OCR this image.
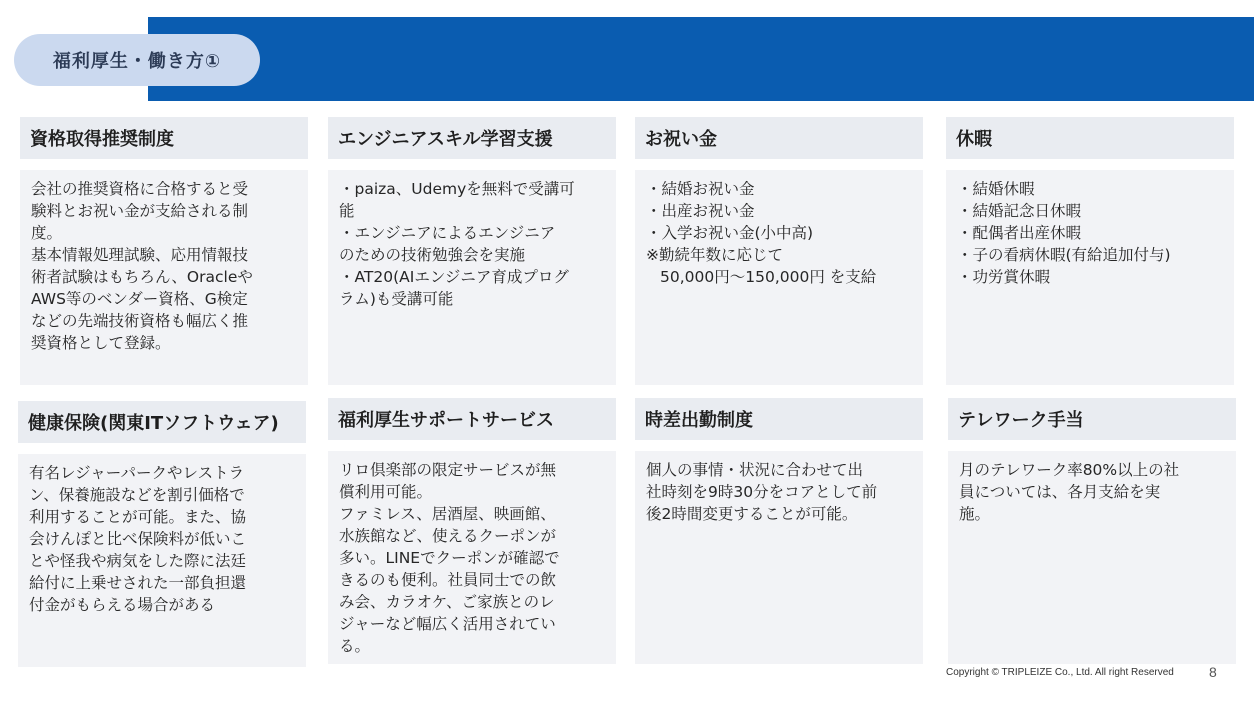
福利厚生・働き方①
資格取得推奨制度
会社の推奨資格に合格すると受
験料とお祝い金が支給される制
度。
基本情報処理試験、応用情報技
術者試験はもちろん、Oracleや
AWS等のベンダー資格、G検定
などの先端技術資格も幅広く推
奨資格として登録。
エンジニアスキル学習支援
・paiza、Udemyを無料で受講可
能
・エンジニアによるエンジニア
のための技術勉強会を実施
・AT20(AIエンジニア育成プログ
ラム)も受講可能
お祝い金
・結婚お祝い金
・出産お祝い金
・入学お祝い金(小中高)
※勤続年数に応じて
50,000円～150,000円 を支給
休暇
・結婚休暇
・結婚記念日休暇
・配偶者出産休暇
・子の看病休暇(有給追加付与)
・功労賞休暇
健康保険(関東ITソフトウェア)
有名レジャーパークやレストラ
ン、保養施設などを割引価格で
利用することが可能。また、協
会けんぽと比べ保険料が低いこ
とや怪我や病気をした際に法廷
給付に上乗せされた一部負担還
付金がもらえる場合がある
福利厚生サポートサービス
リロ倶楽部の限定サービスが無
償利用可能。
ファミレス、居酒屋、映画館、
水族館など、使えるクーポンが
多い。LINEでクーポンが確認で
きるのも便利。社員同士での飲
み会、カラオケ、ご家族とのレ
ジャーなど幅広く活用されてい
る。
時差出勤制度
個人の事情・状況に合わせて出
社時刻を9時30分をコアとして前
後2時間変更することが可能。
テレワーク手当
月のテレワーク率80%以上の社
員については、各月支給を実
施。
Copyright © TRIPLEIZE Co., Ltd. All right Reserved	8
